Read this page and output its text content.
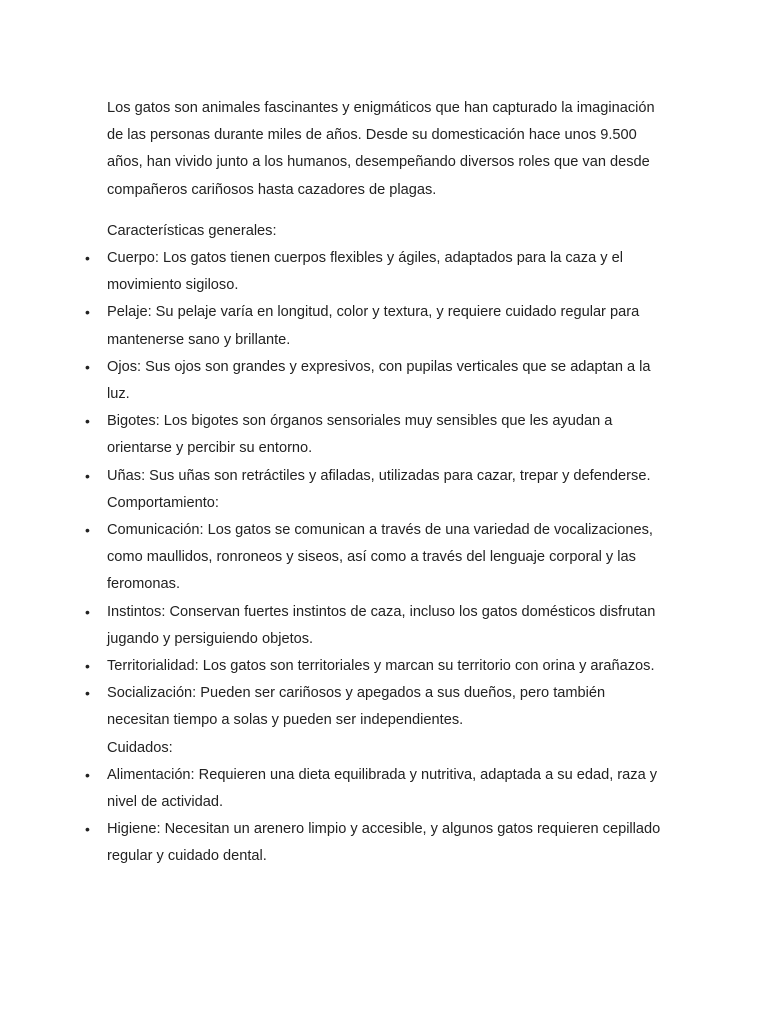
Los gatos son animales fascinantes y enigmáticos que han capturado la imaginación de las personas durante miles de años. Desde su domesticación hace unos 9.500 años, han vivido junto a los humanos, desempeñando diversos roles que van desde compañeros cariñosos hasta cazadores de plagas.

Características generales:

• Cuerpo: Los gatos tienen cuerpos flexibles y ágiles, adaptados para la caza y el movimiento sigiloso.
• Pelaje: Su pelaje varía en longitud, color y textura, y requiere cuidado regular para mantenerse sano y brillante.
• Ojos: Sus ojos son grandes y expresivos, con pupilas verticales que se adaptan a la luz.
• Bigotes: Los bigotes son órganos sensoriales muy sensibles que les ayudan a orientarse y percibir su entorno.
• Uñas: Sus uñas son retráctiles y afiladas, utilizadas para cazar, trepar y defenderse.

Comportamiento:

• Comunicación: Los gatos se comunican a través de una variedad de vocalizaciones, como maullidos, ronroneos y siseos, así como a través del lenguaje corporal y las feromonas.
• Instintos: Conservan fuertes instintos de caza, incluso los gatos domésticos disfrutan jugando y persiguiendo objetos.
• Territorialidad: Los gatos son territoriales y marcan su territorio con orina y arañazos.
• Socialización: Pueden ser cariñosos y apegados a sus dueños, pero también necesitan tiempo a solas y pueden ser independientes.

Cuidados:

• Alimentación: Requieren una dieta equilibrada y nutritiva, adaptada a su edad, raza y nivel de actividad.
• Higiene: Necesitan un arenero limpio y accesible, y algunos gatos requieren cepillado regular y cuidado dental.
